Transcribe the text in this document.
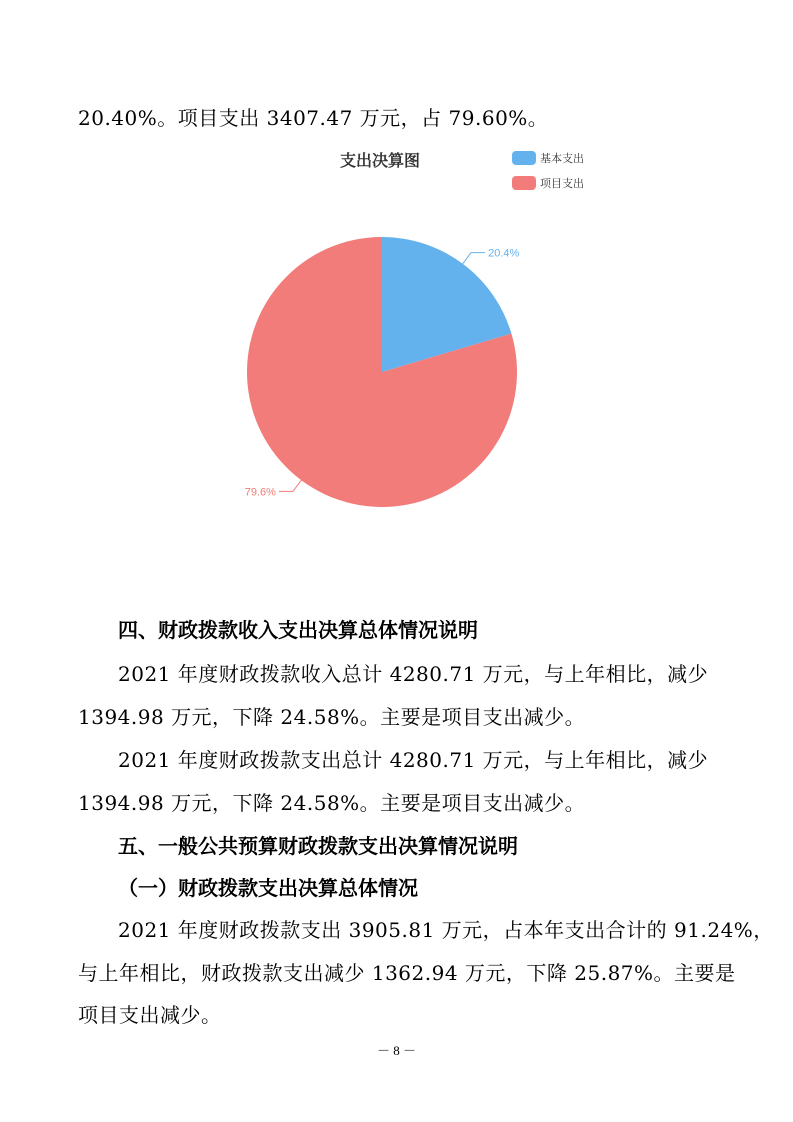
20.40%。项目支出 3407.47 万元，占 79.60%。
支出决算图	基本支出
项目支出
20.4%
79.6%
四、财政拨款收入支出决算总体情况说明
2021 年度财政拨款收入总计 4280.71 万元，与上年相比，减少
1394.98 万元，下降 24.58%。主要是项目支出减少。
2021 年度财政拨款支出总计 4280.71 万元，与上年相比，减少
1394.98 万元，下降 24.58%。主要是项目支出减少。
五、一般公共预算财政拨款支出决算情况说明
（一）财政拨款支出决算总体情况
2021 年度财政拨款支出 3905.81 万元，占本年支出合计的 91.24%，
与上年相比，财政拨款支出减少 1362.94 万元，下降 25.87%。主要是
项目支出减少。
－ 8 －
